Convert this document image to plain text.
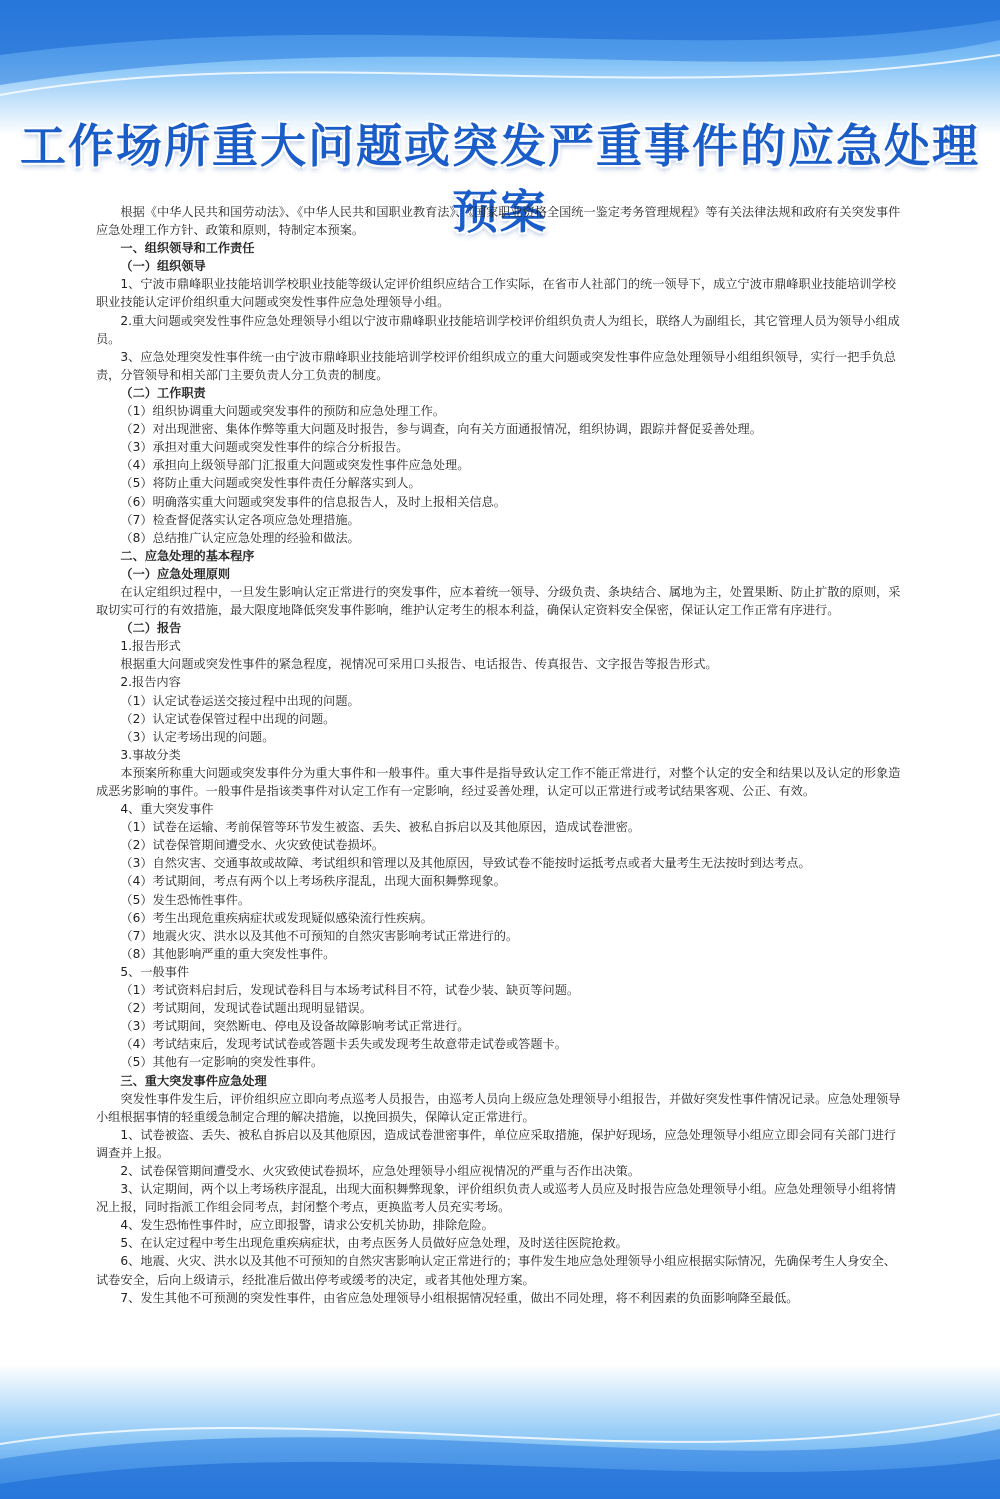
工作场所重大问题或突发严重事件的应急处理预案

根据《中华人民共和国劳动法》、《中华人民共和国职业教育法》、《国家职业资格全国统一鉴定考务管理规程》等有关法律法规和政府有关突发事件应急处理工作方针、政策和原则，特制定本预案。

一、组织领导和工作责任

（一）组织领导

1、宁波市鼎峰职业技能培训学校职业技能等级认定评价组织应结合工作实际，在省市人社部门的统一领导下，成立宁波市鼎峰职业技能培训学校职业技能认定评价组织重大问题或突发性事件应急处理领导小组。

2.重大问题或突发性事件应急处理领导小组以宁波市鼎峰职业技能培训学校评价组织负责人为组长，联络人为副组长，其它管理人员为领导小组成员。

3、应急处理突发性事件统一由宁波市鼎峰职业技能培训学校评价组织成立的重大问题或突发性事件应急处理领导小组组织领导，实行一把手负总责，分管领导和相关部门主要负责人分工负责的制度。

（二）工作职责

（1）组织协调重大问题或突发事件的预防和应急处理工作。

（2）对出现泄密、集体作弊等重大问题及时报告，参与调查，向有关方面通报情况，组织协调，跟踪并督促妥善处理。

（3）承担对重大问题或突发性事件的综合分析报告。

（4）承担向上级领导部门汇报重大问题或突发性事件应急处理。

（5）将防止重大问题或突发性事件责任分解落实到人。

（6）明确落实重大问题或突发事件的信息报告人，及时上报相关信息。

（7）检查督促落实认定各项应急处理措施。

（8）总结推广认定应急处理的经验和做法。

二、应急处理的基本程序

（一）应急处理原则

在认定组织过程中，一旦发生影响认定正常进行的突发事件，应本着统一领导、分级负责、条块结合、属地为主，处置果断、防止扩散的原则，采取切实可行的有效措施，最大限度地降低突发事件影响，维护认定考生的根本利益，确保认定资料安全保密，保证认定工作正常有序进行。

（二）报告

1.报告形式

根据重大问题或突发性事件的紧急程度，视情况可采用口头报告、电话报告、传真报告、文字报告等报告形式。

2.报告内容

（1）认定试卷运送交接过程中出现的问题。

（2）认定试卷保管过程中出现的问题。

（3）认定考场出现的问题。

3.事故分类

本预案所称重大问题或突发事件分为重大事件和一般事件。重大事件是指导致认定工作不能正常进行，对整个认定的安全和结果以及认定的形象造成恶劣影响的事件。一般事件是指该类事件对认定工作有一定影响，经过妥善处理，认定可以正常进行或考试结果客观、公正、有效。

4、重大突发事件

（1）试卷在运输、考前保管等环节发生被盗、丢失、被私自拆启以及其他原因，造成试卷泄密。

（2）试卷保管期间遭受水、火灾致使试卷损坏。

（3）自然灾害、交通事故或故障、考试组织和管理以及其他原因，导致试卷不能按时运抵考点或者大量考生无法按时到达考点。

（4）考试期间，考点有两个以上考场秩序混乱，出现大面积舞弊现象。

（5）发生恐怖性事件。

（6）考生出现危重疾病症状或发现疑似感染流行性疾病。

（7）地震火灾、洪水以及其他不可预知的自然灾害影响考试正常进行的。

（8）其他影响严重的重大突发性事件。

5、一般事件

（1）考试资料启封后，发现试卷科目与本场考试科目不符，试卷少装、缺页等问题。

（2）考试期间，发现试卷试题出现明显错误。

（3）考试期间，突然断电、停电及设备故障影响考试正常进行。

（4）考试结束后，发现考试试卷或答题卡丢失或发现考生故意带走试卷或答题卡。

（5）其他有一定影响的突发性事件。

三、重大突发事件应急处理

突发性事件发生后，评价组织应立即向考点巡考人员报告，由巡考人员向上级应急处理领导小组报告，并做好突发性事件情况记录。应急处理领导小组根据事情的轻重缓急制定合理的解决措施，以挽回损失，保障认定正常进行。

1、试卷被盗、丢失、被私自拆启以及其他原因，造成试卷泄密事件，单位应采取措施，保护好现场，应急处理领导小组应立即会同有关部门进行调查并上报。

2、试卷保管期间遭受水、火灾致使试卷损坏，应急处理领导小组应视情况的严重与否作出决策。

3、认定期间，两个以上考场秩序混乱，出现大面积舞弊现象，评价组织负责人或巡考人员应及时报告应急处理领导小组。应急处理领导小组将情况上报，同时指派工作组会同考点，封闭整个考点，更换监考人员充实考场。

4、发生恐怖性事件时，应立即报警，请求公安机关协助，排除危险。

5、在认定过程中考生出现危重疾病症状，由考点医务人员做好应急处理，及时送往医院抢救。

6、地震、火灾、洪水以及其他不可预知的自然灾害影响认定正常进行的；事件发生地应急处理领导小组应根据实际情况，先确保考生人身安全、试卷安全，后向上级请示，经批准后做出停考或缓考的决定，或者其他处理方案。

7、发生其他不可预测的突发性事件，由省应急处理领导小组根据情况轻重，做出不同处理，将不利因素的负面影响降至最低。
